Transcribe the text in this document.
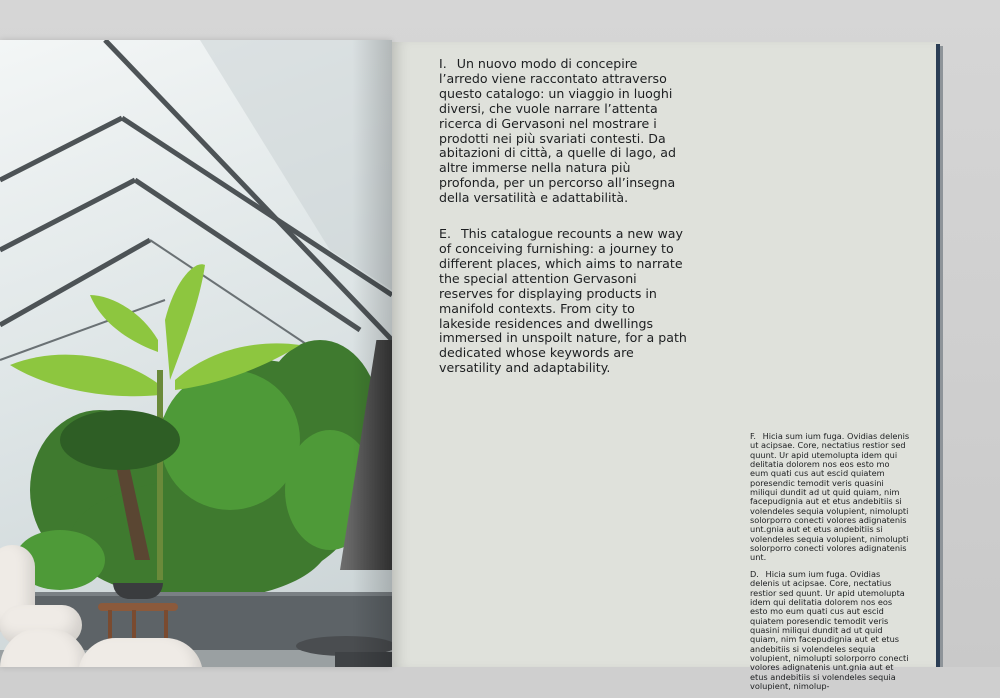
I. Un nuovo modo di concepire l’arredo viene raccontato attraverso questo catalogo: un viaggio in luoghi diversi, che vuole narrare l’attenta ricerca di Gervasoni nel mostrare i prodotti nei più svariati contesti. Da abitazioni di città, a quelle di lago, ad altre immerse nella natura più profonda, per un percorso all’insegna della versatilità e adattabilità.

E. This catalogue recounts a new way of conceiving furnishing: a journey to different places, which aims to narrate the special attention Gervasoni reserves for displaying products in manifold contexts. From city to lakeside residences and dwellings immersed in unspoilt nature, for a path dedicated whose keywords are versatility and adaptability.

F. Hicia sum ium fuga. Ovidias delenis ut acipsae. Core, nectatius restior sed quunt. Ur apid utemolupta idem qui delitatia dolorem nos eos esto mo eum quati cus aut escid quiatem poresendic temodit veris quasini miliqui dundit ad ut quid quiam, nim facepudignia aut et etus andebitiis si volendeles sequia volupient, nimolupti solorporro conecti volores adignatenis unt.gnia aut et etus andebitiis si volendeles sequia volupient, nimolupti solorporro conecti volores adignatenis unt.

D. Hicia sum ium fuga. Ovidias delenis ut acipsae. Core, nectatius restior sed quunt. Ur apid utemolupta idem qui delitatia dolorem nos eos esto mo eum quati cus aut escid quiatem poresendic temodit veris quasini miliqui dundit ad ut quid quiam, nim facepudignia aut et etus andebitiis si volendeles sequia volupient, nimolupti solorporro conecti volores adignatenis unt.gnia aut et etus andebitiis si volendeles sequia volupient, nimolup-
